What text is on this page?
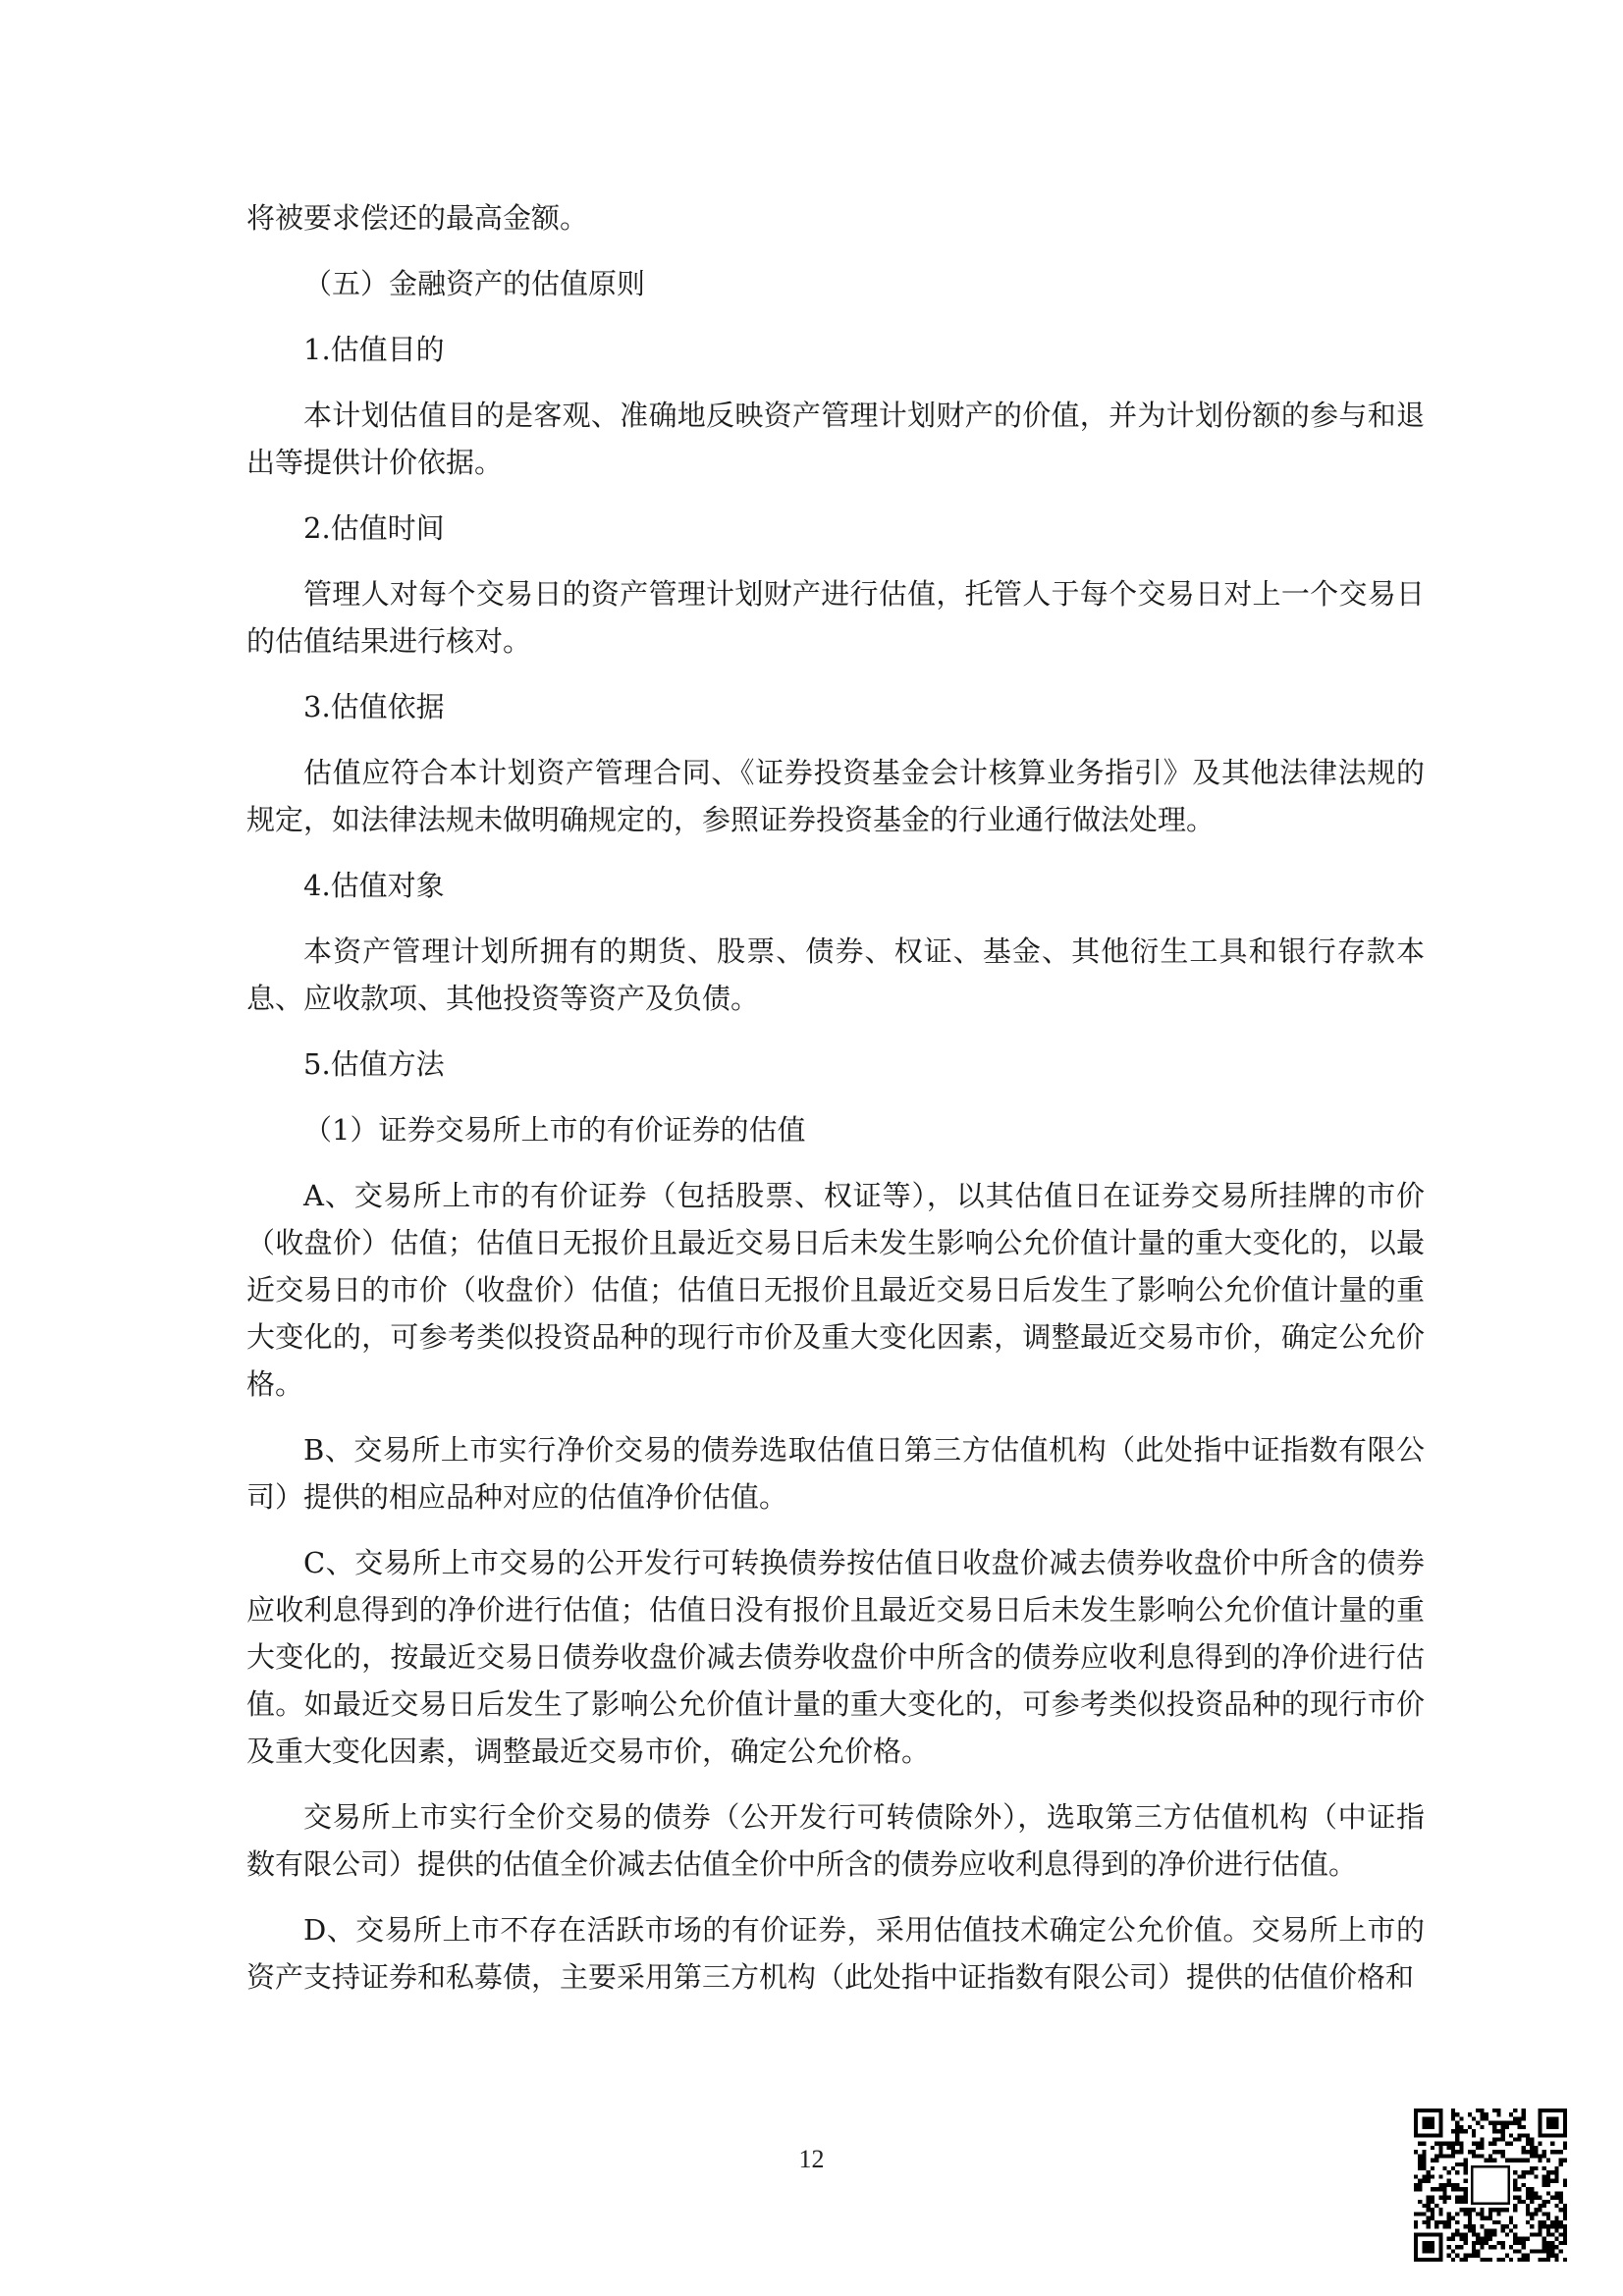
将被要求偿还的最高金额。

（五）金融资产的估值原则

1.估值目的

本计划估值目的是客观、准确地反映资产管理计划财产的价值，并为计划份额的参与和退出等提供计价依据。

2.估值时间

管理人对每个交易日的资产管理计划财产进行估值，托管人于每个交易日对上一个交易日的估值结果进行核对。

3.估值依据

估值应符合本计划资产管理合同、《证券投资基金会计核算业务指引》及其他法律法规的规定，如法律法规未做明确规定的，参照证券投资基金的行业通行做法处理。

4.估值对象

本资产管理计划所拥有的期货、股票、债券、权证、基金、其他衍生工具和银行存款本息、应收款项、其他投资等资产及负债。

5.估值方法

（1）证券交易所上市的有价证券的估值

A、交易所上市的有价证券（包括股票、权证等），以其估值日在证券交易所挂牌的市价（收盘价）估值；估值日无报价且最近交易日后未发生影响公允价值计量的重大变化的，以最近交易日的市价（收盘价）估值；估值日无报价且最近交易日后发生了影响公允价值计量的重大变化的，可参考类似投资品种的现行市价及重大变化因素，调整最近交易市价，确定公允价格。

B、交易所上市实行净价交易的债券选取估值日第三方估值机构（此处指中证指数有限公司）提供的相应品种对应的估值净价估值。

C、交易所上市交易的公开发行可转换债券按估值日收盘价减去债券收盘价中所含的债券应收利息得到的净价进行估值；估值日没有报价且最近交易日后未发生影响公允价值计量的重大变化的，按最近交易日债券收盘价减去债券收盘价中所含的债券应收利息得到的净价进行估值。如最近交易日后发生了影响公允价值计量的重大变化的，可参考类似投资品种的现行市价及重大变化因素，调整最近交易市价，确定公允价格。

交易所上市实行全价交易的债券（公开发行可转债除外），选取第三方估值机构（中证指数有限公司）提供的估值全价减去估值全价中所含的债券应收利息得到的净价进行估值。

D、交易所上市不存在活跃市场的有价证券，采用估值技术确定公允价值。交易所上市的资产支持证券和私募债，主要采用第三方机构（此处指中证指数有限公司）提供的估值价格和

12
